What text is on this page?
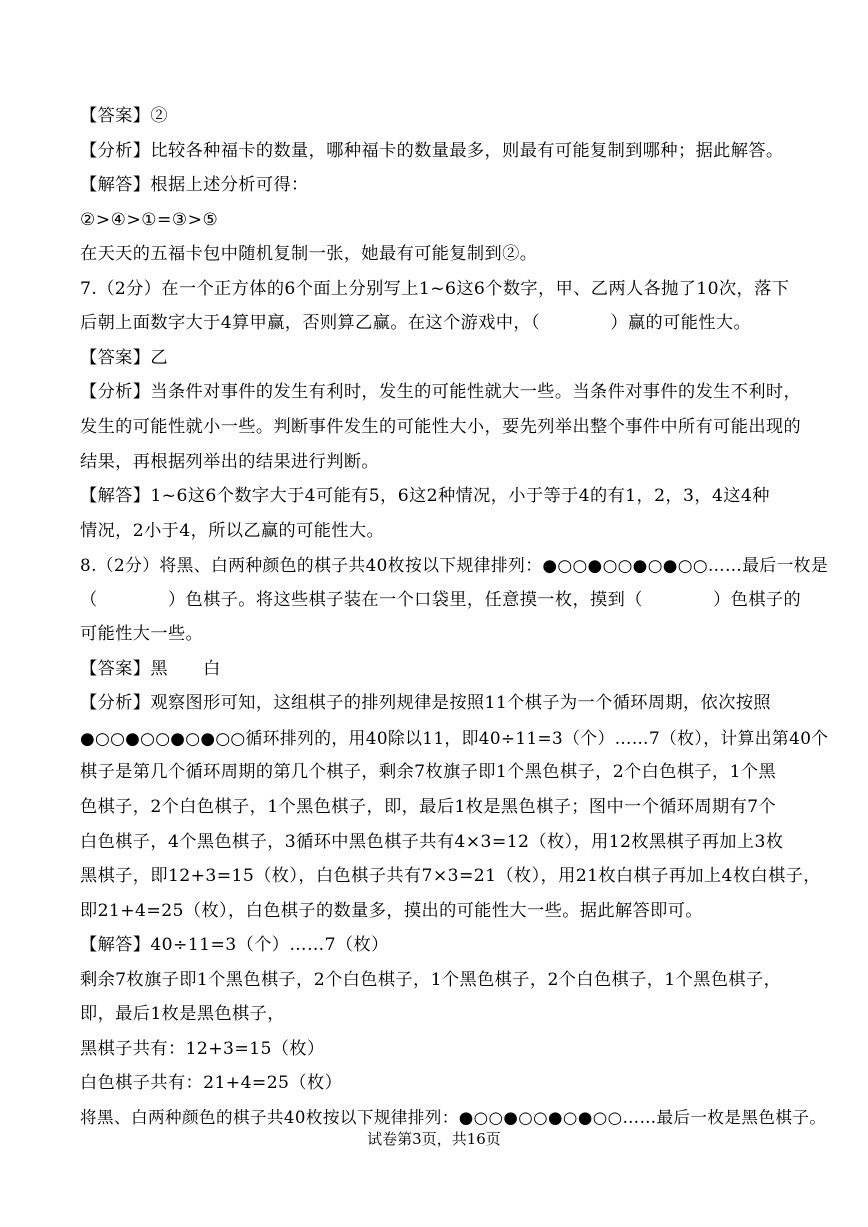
【答案】②
【分析】比较各种福卡的数量，哪种福卡的数量最多，则最有可能复制到哪种；据此解答。
【解答】根据上述分析可得：
②>④>①=③>⑤
在天天的五福卡包中随机复制一张，她最有可能复制到②。
7.（2分）在一个正方体的6个面上分别写上1~6这6个数字，甲、乙两人各抛了10次，落下
后朝上面数字大于4算甲赢，否则算乙赢。在这个游戏中，（　　　　）赢的可能性大。
【答案】乙
【分析】当条件对事件的发生有利时，发生的可能性就大一些。当条件对事件的发生不利时，
发生的可能性就小一些。判断事件发生的可能性大小，要先列举出整个事件中所有可能出现的
结果，再根据列举出的结果进行判断。
【解答】1~6这6个数字大于4可能有5，6这2种情况，小于等于4的有1，2，3，4这4种
情况，2小于4，所以乙赢的可能性大。
8.（2分）将黑、白两种颜色的棋子共40枚按以下规律排列：●○○●○○●○●○○……最后一枚是
（　　　　）色棋子。将这些棋子装在一个口袋里，任意摸一枚，摸到（　　　　）色棋子的
可能性大一些。
【答案】黑　　白
【分析】观察图形可知，这组棋子的排列规律是按照11个棋子为一个循环周期，依次按照
●○○●○○●○●○○循环排列的，用40除以11，即40÷11=3（个）……7（枚），计算出第40个
棋子是第几个循环周期的第几个棋子，剩余7枚旗子即1个黑色棋子，2个白色棋子，1个黑
色棋子，2个白色棋子，1个黑色棋子，即，最后1枚是黑色棋子；图中一个循环周期有7个
白色棋子，4个黑色棋子，3循环中黑色棋子共有4×3=12（枚），用12枚黑棋子再加上3枚
黑棋子，即12+3=15（枚），白色棋子共有7×3=21（枚），用21枚白棋子再加上4枚白棋子，
即21+4=25（枚），白色棋子的数量多，摸出的可能性大一些。据此解答即可。
【解答】40÷11=3（个）……7（枚）
剩余7枚旗子即1个黑色棋子，2个白色棋子，1个黑色棋子，2个白色棋子，1个黑色棋子，
即，最后1枚是黑色棋子，
黑棋子共有：12+3=15（枚）
白色棋子共有：21+4=25（枚）
将黑、白两种颜色的棋子共40枚按以下规律排列：●○○●○○●○●○○……最后一枚是黑色棋子。
试卷第3页，共16页
